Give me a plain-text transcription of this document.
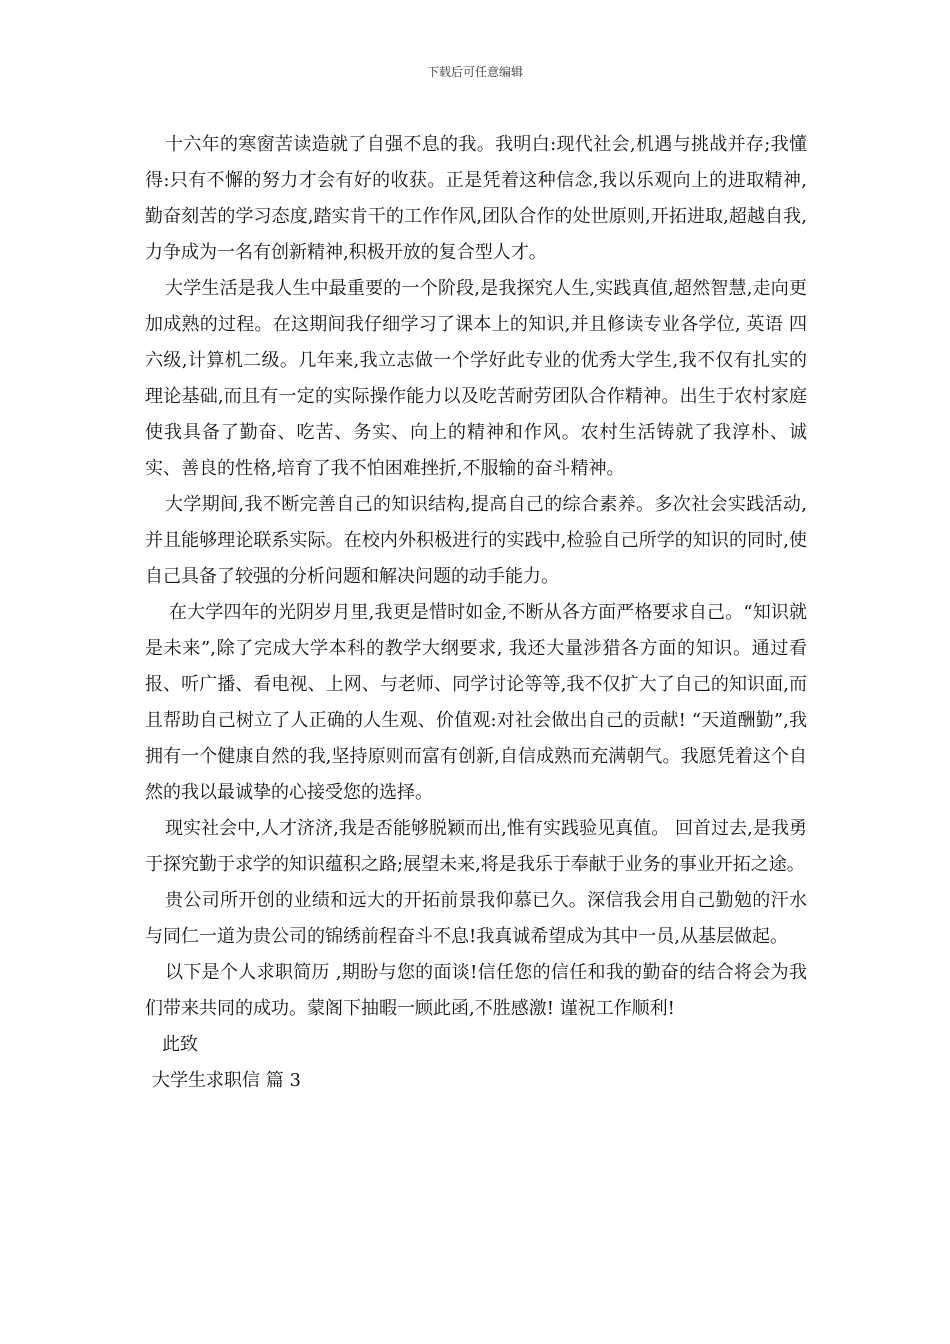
下载后可任意编辑

十六年的寒窗苦读造就了自强不息的我。我明白:现代社会,机遇与挑战并存;我懂得:只有不懈的努力才会有好的收获。正是凭着这种信念,我以乐观向上的进取精神,勤奋刻苦的学习态度,踏实肯干的工作作风,团队合作的处世原则,开拓进取,超越自我,力争成为一名有创新精神,积极开放的复合型人才。

大学生活是我人生中最重要的一个阶段,是我探究人生,实践真值,超然智慧,走向更加成熟的过程。在这期间我仔细学习了课本上的知识,并且修读专业各学位, 英语 四六级,计算机二级。几年来,我立志做一个学好此专业的优秀大学生,我不仅有扎实的理论基础,而且有一定的实际操作能力以及吃苦耐劳团队合作精神。出生于农村家庭使我具备了勤奋、吃苦、务实、向上的精神和作风。农村生活铸就了我淳朴、诚实、善良的性格,培育了我不怕困难挫折,不服输的奋斗精神。

大学期间,我不断完善自己的知识结构,提高自己的综合素养。多次社会实践活动,并且能够理论联系实际。在校内外积极进行的实践中,检验自己所学的知识的同时,使自己具备了较强的分析问题和解决问题的动手能力。

在大学四年的光阴岁月里,我更是惜时如金,不断从各方面严格要求自己。“知识就是未来”,除了完成大学本科的教学大纲要求, 我还大量涉猎各方面的知识。通过看报、听广播、看电视、上网、与老师、同学讨论等等,我不仅扩大了自己的知识面,而且帮助自己树立了人正确的人生观、价值观:对社会做出自己的贡献! “天道酬勤”,我拥有一个健康自然的我,坚持原则而富有创新,自信成熟而充满朝气。我愿凭着这个自然的我以最诚挚的心接受您的选择。

现实社会中,人才济济,我是否能够脱颖而出,惟有实践验见真值。 回首过去,是我勇于探究勤于求学的知识蕴积之路;展望未来,将是我乐于奉献于业务的事业开拓之途。

贵公司所开创的业绩和远大的开拓前景我仰慕已久。深信我会用自己勤勉的汗水与同仁一道为贵公司的锦绣前程奋斗不息!我真诚希望成为其中一员,从基层做起。

以下是个人求职简历 ,期盼与您的面谈!信任您的信任和我的勤奋的结合将会为我们带来共同的成功。蒙阁下抽暇一顾此函,不胜感激! 谨祝工作顺利!

此致

大学生求职信 篇 3
